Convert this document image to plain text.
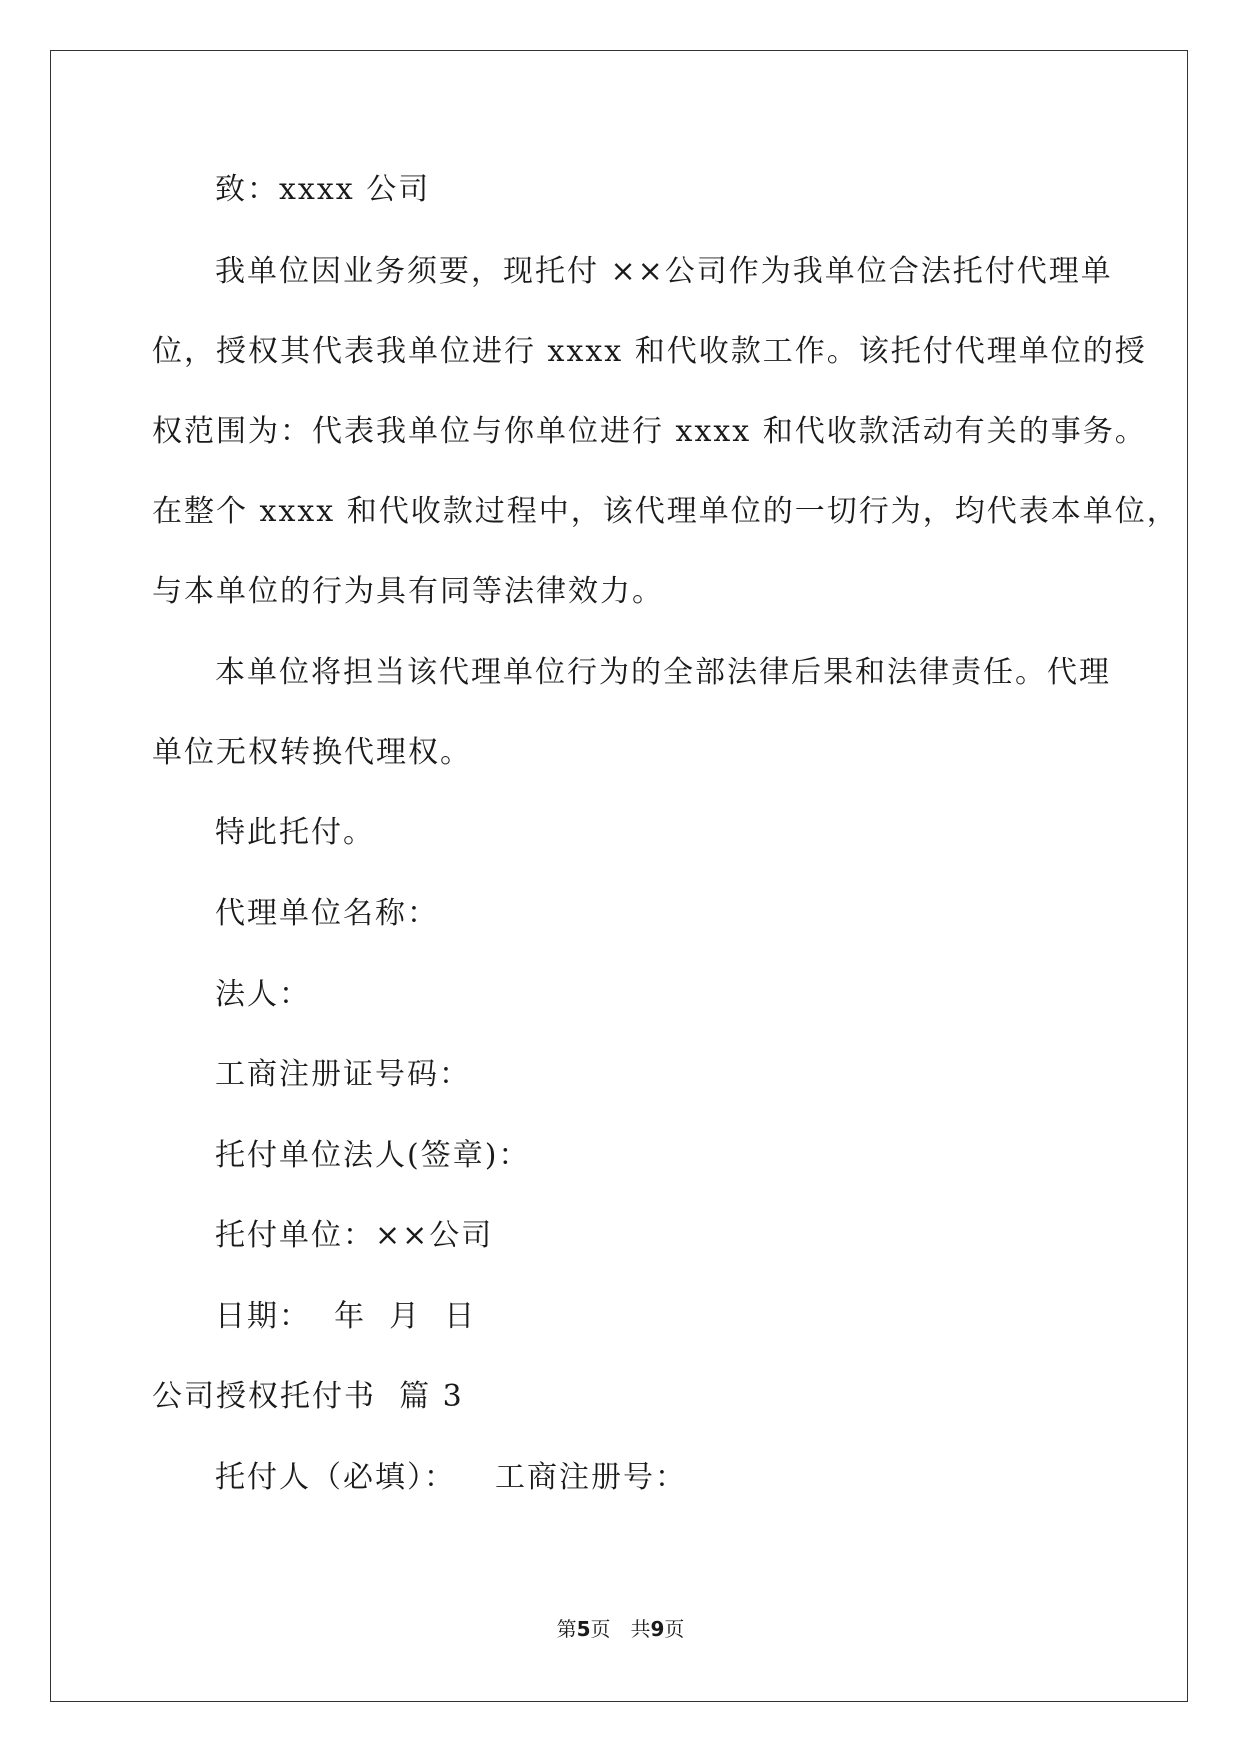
致：xxxx 公司
我单位因业务须要，现托付 ××公司作为我单位合法托付代理单
位，授权其代表我单位进行 xxxx 和代收款工作。该托付代理单位的授
权范围为：代表我单位与你单位进行 xxxx 和代收款活动有关的事务。
在整个 xxxx 和代收款过程中，该代理单位的一切行为，均代表本单位，
与本单位的行为具有同等法律效力。
本单位将担当该代理单位行为的全部法律后果和法律责任。代理
单位无权转换代理权。
特此托付。
代理单位名称：
法人：
工商注册证号码：
托付单位法人(签章)：
托付单位：××公司
日期：  年  月  日
公司授权托付书  篇 3
托付人（必填）： 工商注册号：
第5页 共9页
